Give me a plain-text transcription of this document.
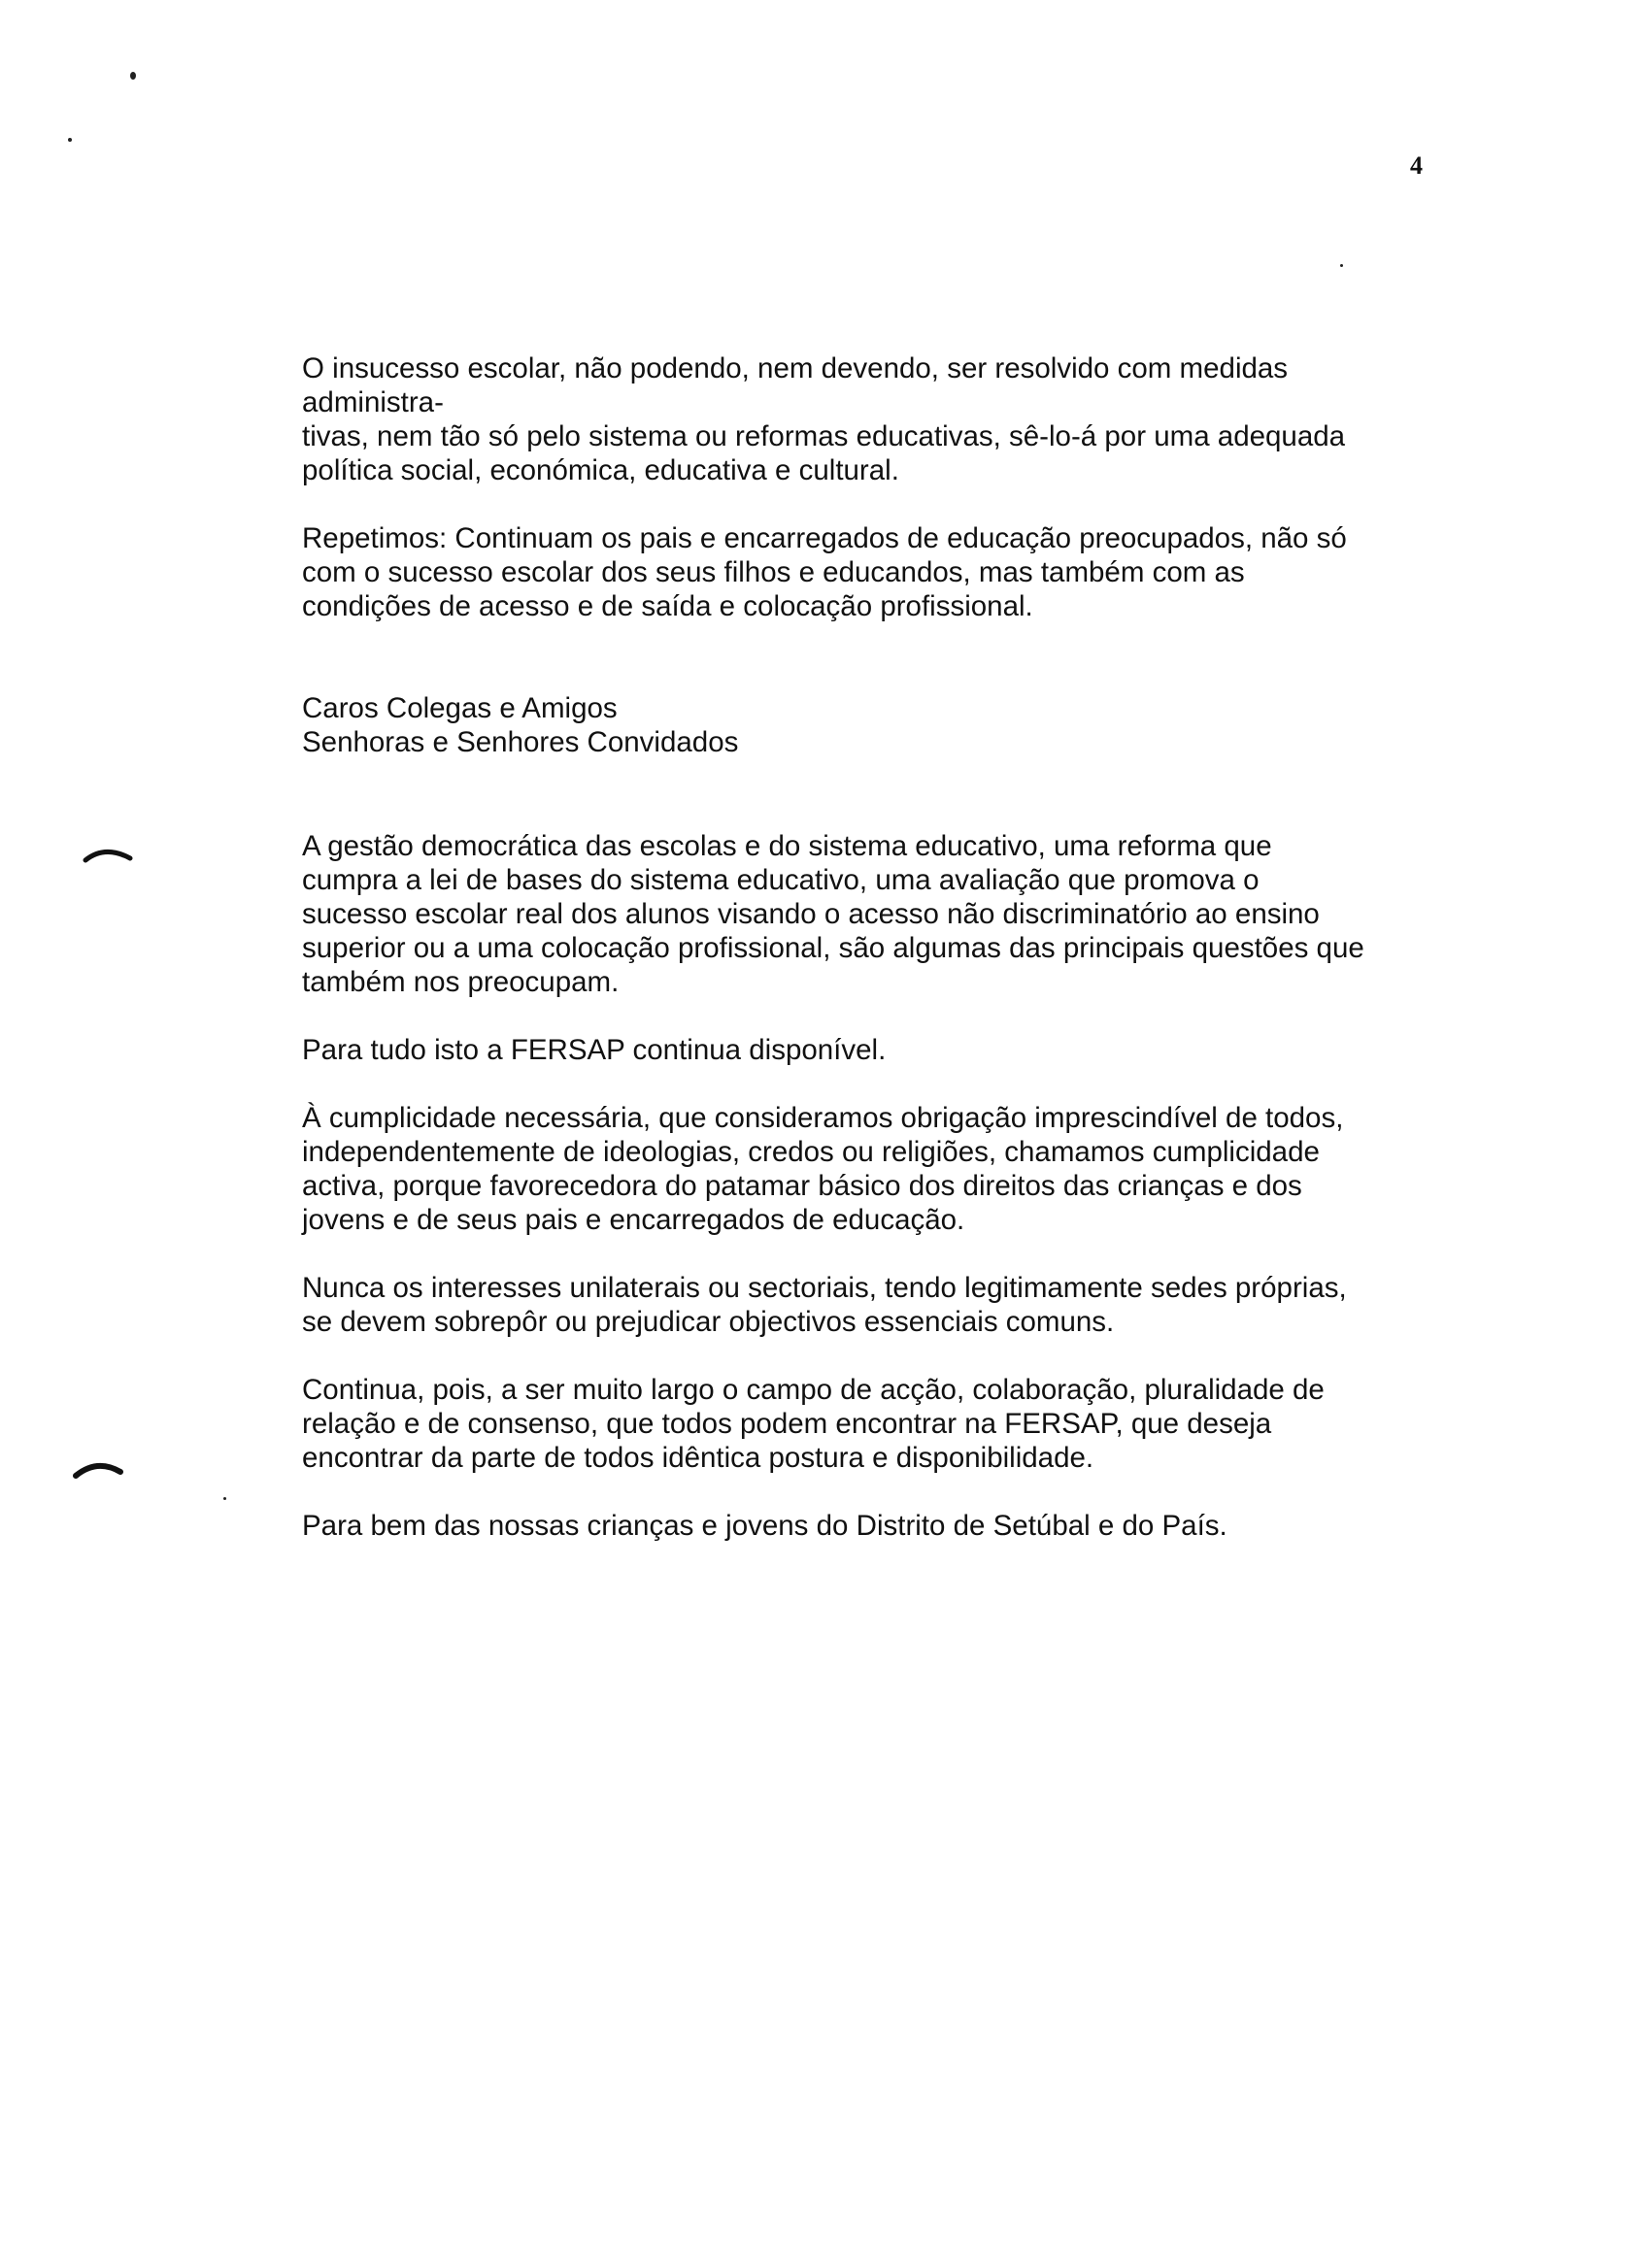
4

O insucesso escolar, não podendo, nem devendo, ser resolvido com medidas
administra-
tivas, nem tão só pelo sistema ou reformas educativas, sê-lo-á por uma adequada
política social, económica, educativa e cultural.

Repetimos: Continuam os pais e encarregados de educação preocupados, não só
com o sucesso escolar dos seus filhos e educandos, mas também com as
condições de acesso e de saída e colocação profissional.

Caros Colegas e Amigos
Senhoras e Senhores Convidados

A gestão democrática das escolas e do sistema educativo, uma reforma que
cumpra a lei de bases do sistema educativo, uma avaliação que promova o
sucesso escolar real dos alunos visando o acesso não discriminatório ao ensino
superior ou a uma colocação profissional, são algumas das principais questões que
também nos preocupam.

Para tudo isto a FERSAP continua disponível.

À cumplicidade necessária, que consideramos obrigação imprescindível de todos,
independentemente de ideologias, credos ou religiões, chamamos cumplicidade
activa, porque favorecedora do patamar básico dos direitos das crianças e dos
jovens e de seus pais e encarregados de educação.

Nunca os interesses unilaterais ou sectoriais, tendo legitimamente sedes próprias,
se devem sobrepôr ou prejudicar objectivos essenciais comuns.

Continua, pois, a ser muito largo o campo de acção, colaboração, pluralidade de
relação e de consenso, que todos podem encontrar na FERSAP, que deseja
encontrar da parte de todos idêntica postura e disponibilidade.

Para bem das nossas crianças e jovens do Distrito de Setúbal e do País.
